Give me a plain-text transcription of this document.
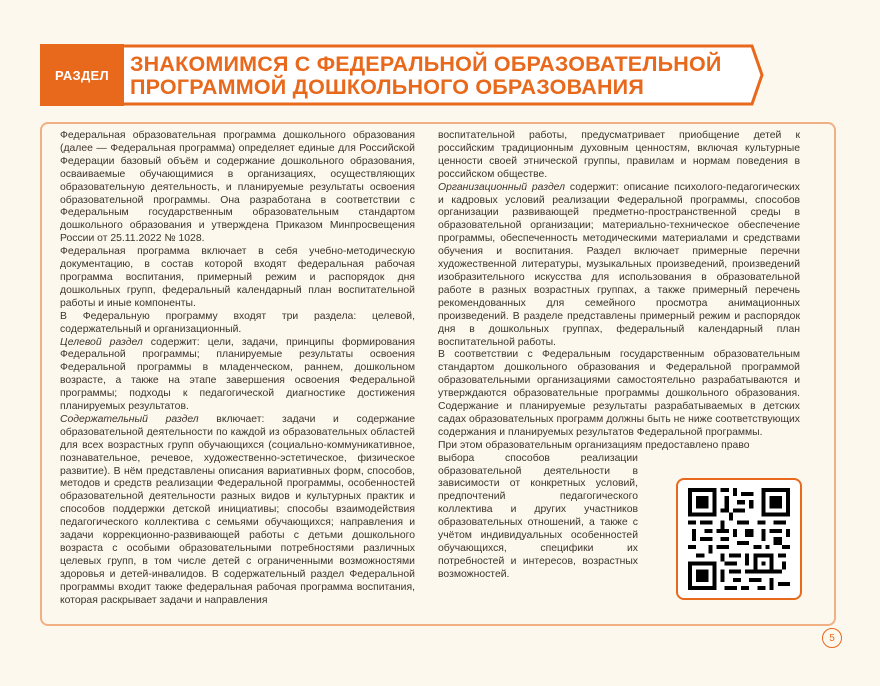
РАЗДЕЛ ЗНАКОМИМСЯ С ФЕДЕРАЛЬНОЙ ОБРАЗОВАТЕЛЬНОЙ
ПРОГРАММОЙ ДОШКОЛЬНОГО ОБРАЗОВАНИЯ

Федеральная образовательная программа дошкольного образования (далее — Федеральная программа) определяет единые для Российской Федерации базовый объём и содержание дошкольного образования, осваиваемые обучающимися в организациях, осуществляющих образовательную деятельность, и планируемые результаты освоения образовательной программы. Она разработана в соответствии с Федеральным государственным образовательным стандартом дошкольного образования и утверждена Приказом Минпросвещения России от 25.11.2022 № 1028.

Федеральная программа включает в себя учебно-методическую документацию, в состав которой входят федеральная рабочая программа воспитания, примерный режим и распорядок дня дошкольных групп, федеральный календарный план воспитательной работы и иные компоненты.

В Федеральную программу входят три раздела: целевой, содержательный и организационный.

Целевой раздел содержит: цели, задачи, принципы формирования Федеральной программы; планируемые результаты освоения Федеральной программы в младенческом, раннем, дошкольном возрасте, а также на этапе завершения освоения Федеральной программы; подходы к педагогической диагностике достижения планируемых результатов.

Содержательный раздел включает: задачи и содержание образовательной деятельности по каждой из образовательных областей для всех возрастных групп обучающихся (социально-коммуникативное, познавательное, речевое, художественно-эстетическое, физическое развитие). В нём представлены описания вариативных форм, способов, методов и средств реализации Федеральной программы, особенностей образовательной деятельности разных видов и культурных практик и способов поддержки детской инициативы; способы взаимодействия педагогического коллектива с семьями обучающихся; направления и задачи коррекционно-развивающей работы с детьми дошкольного возраста с особыми образовательными потребностями различных целевых групп, в том числе детей с ограниченными возможностями здоровья и детей-инвалидов. В содержательный раздел Федеральной программы входит также федеральная рабочая программа воспитания, которая раскрывает задачи и направления

воспитательной работы, предусматривает приобщение детей к российским традиционным духовным ценностям, включая культурные ценности своей этнической группы, правилам и нормам поведения в российском обществе.

Организационный раздел содержит: описание психолого-педагогических и кадровых условий реализации Федеральной программы, способов организации развивающей предметно-пространственной среды в образовательной организации; материально-техническое обеспечение программы, обеспеченность методическими материалами и средствами обучения и воспитания. Раздел включает примерные перечни художественной литературы, музыкальных произведений, произведений изобразительного искусства для использования в образовательной работе в разных возрастных группах, а также примерный перечень рекомендованных для семейного просмотра анимационных произведений. В разделе представлены примерный режим и распорядок дня в дошкольных группах, федеральный календарный план воспитательной работы.

В соответствии с Федеральным государственным образовательным стандартом дошкольного образования и Федеральной программой образовательными организациями самостоятельно разрабатываются и утверждаются образовательные программы дошкольного образования. Содержание и планируемые результаты разрабатываемых в детских садах образовательных программ должны быть не ниже соответствующих содержания и планируемых результатов Федеральной программы.

При этом образовательным организациям предоставлено право

выбора способов реализации образовательной деятельности в зависимости от конкретных условий, предпочтений педагогического коллектива и других участников образовательных отношений, а также с учётом индивидуальных особенностей обучающихся, специфики их потребностей и интересов, возрастных возможностей.

5
